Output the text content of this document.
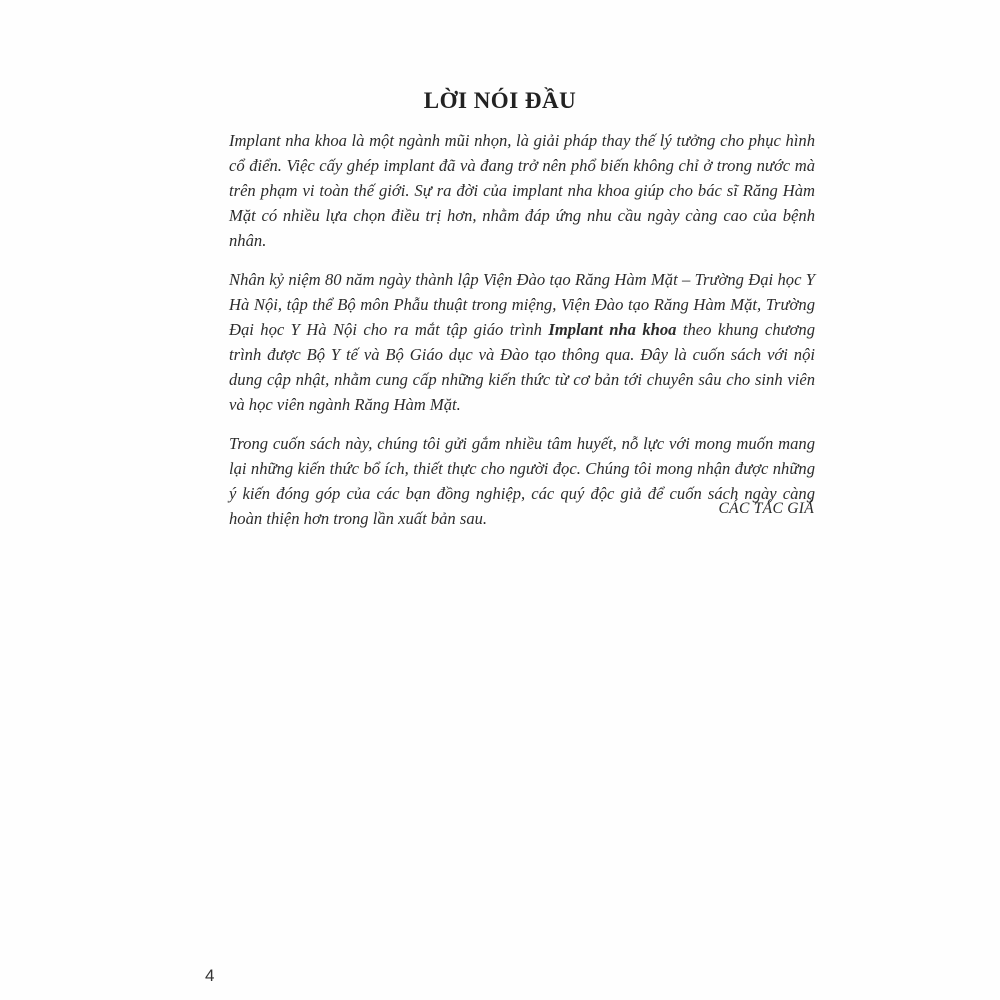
LỜI NÓI ĐẦU

Implant nha khoa là một ngành mũi nhọn, là giải pháp thay thế lý tưởng cho phục hình cổ điển. Việc cấy ghép implant đã và đang trở nên phổ biến không chỉ ở trong nước mà trên phạm vi toàn thế giới. Sự ra đời của implant nha khoa giúp cho bác sĩ Răng Hàm Mặt có nhiều lựa chọn điều trị hơn, nhằm đáp ứng nhu cầu ngày càng cao của bệnh nhân.

Nhân kỷ niệm 80 năm ngày thành lập Viện Đào tạo Răng Hàm Mặt – Trường Đại học Y Hà Nội, tập thể Bộ môn Phẫu thuật trong miệng, Viện Đào tạo Răng Hàm Mặt, Trường Đại học Y Hà Nội cho ra mắt tập giáo trình Implant nha khoa theo khung chương trình được Bộ Y tế và Bộ Giáo dục và Đào tạo thông qua. Đây là cuốn sách với nội dung cập nhật, nhằm cung cấp những kiến thức từ cơ bản tới chuyên sâu cho sinh viên và học viên ngành Răng Hàm Mặt.

Trong cuốn sách này, chúng tôi gửi gắm nhiều tâm huyết, nỗ lực với mong muốn mang lại những kiến thức bổ ích, thiết thực cho người đọc. Chúng tôi mong nhận được những ý kiến đóng góp của các bạn đồng nghiệp, các quý độc giả để cuốn sách ngày càng hoàn thiện hơn trong lần xuất bản sau.

CÁC TÁC GIẢ
4
